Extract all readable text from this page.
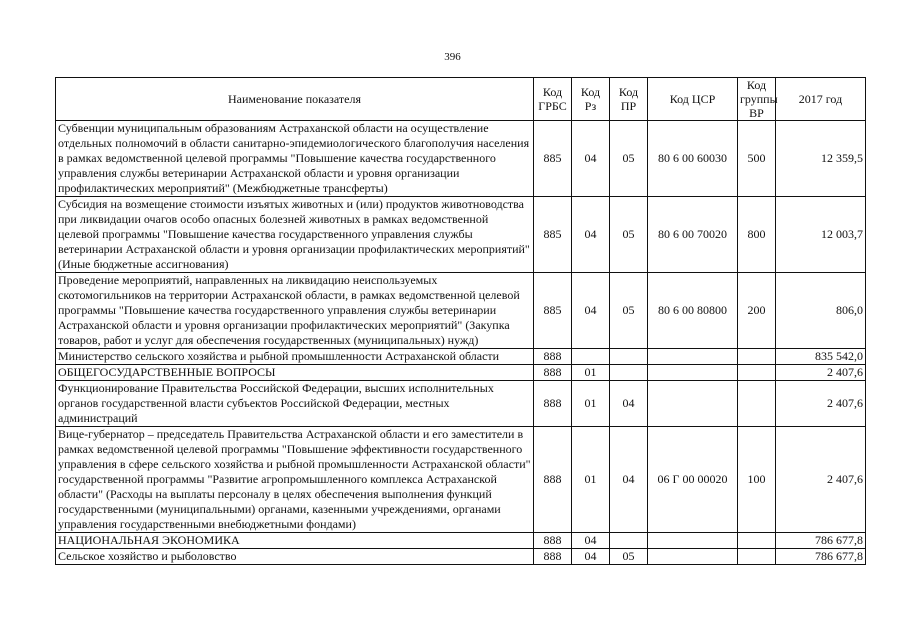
396
Наименование показателя	Код ГРБС	Код Рз	Код ПР	Код ЦСР	Код группы ВР	2017 год
Субвенции муниципальным образованиям Астраханской области на осуществление отдельных полномочий в области санитарно-эпидемиологического благополучия населения в рамках ведомственной целевой программы "Повышение качества государственного управления службы ветеринарии Астраханской области и уровня организации профилактических мероприятий" (Межбюджетные трансферты)	885	04	05	80 6 00 60030	500	12 359,5
Субсидия на возмещение стоимости изъятых животных и (или) продуктов животноводства при ликвидации очагов особо опасных болезней животных в рамках ведомственной целевой программы "Повышение качества государственного управления службы ветеринарии Астраханской области и уровня организации профилактических мероприятий" (Иные бюджетные ассигнования)	885	04	05	80 6 00 70020	800	12 003,7
Проведение мероприятий, направленных на ликвидацию неиспользуемых скотомогильников на территории Астраханской области, в рамках ведомственной целевой программы "Повышение качества государственного управления службы ветеринарии Астраханской области и уровня организации профилактических мероприятий" (Закупка товаров, работ и услуг для обеспечения государственных (муниципальных) нужд)	885	04	05	80 6 00 80800	200	806,0
Министерство сельского хозяйства и рыбной промышленности Астраханской области	888					835 542,0
ОБЩЕГОСУДАРСТВЕННЫЕ ВОПРОСЫ	888	01				2 407,6
Функционирование Правительства Российской Федерации, высших исполнительных органов государственной власти субъектов Российской Федерации, местных администраций	888	01	04			2 407,6
Вице-губернатор – председатель Правительства Астраханской области и его заместители в рамках ведомственной целевой программы "Повышение эффективности государственного управления в сфере сельского хозяйства и рыбной промышленности Астраханской области" государственной программы "Развитие агропромышленного комплекса Астраханской области" (Расходы на выплаты персоналу в целях обеспечения выполнения функций государственными (муниципальными) органами, казенными учреждениями, органами управления государственными внебюджетными фондами)	888	01	04	06 Г 00 00020	100	2 407,6
НАЦИОНАЛЬНАЯ ЭКОНОМИКА	888	04				786 677,8
Сельское хозяйство и рыболовство	888	04	05			786 677,8
